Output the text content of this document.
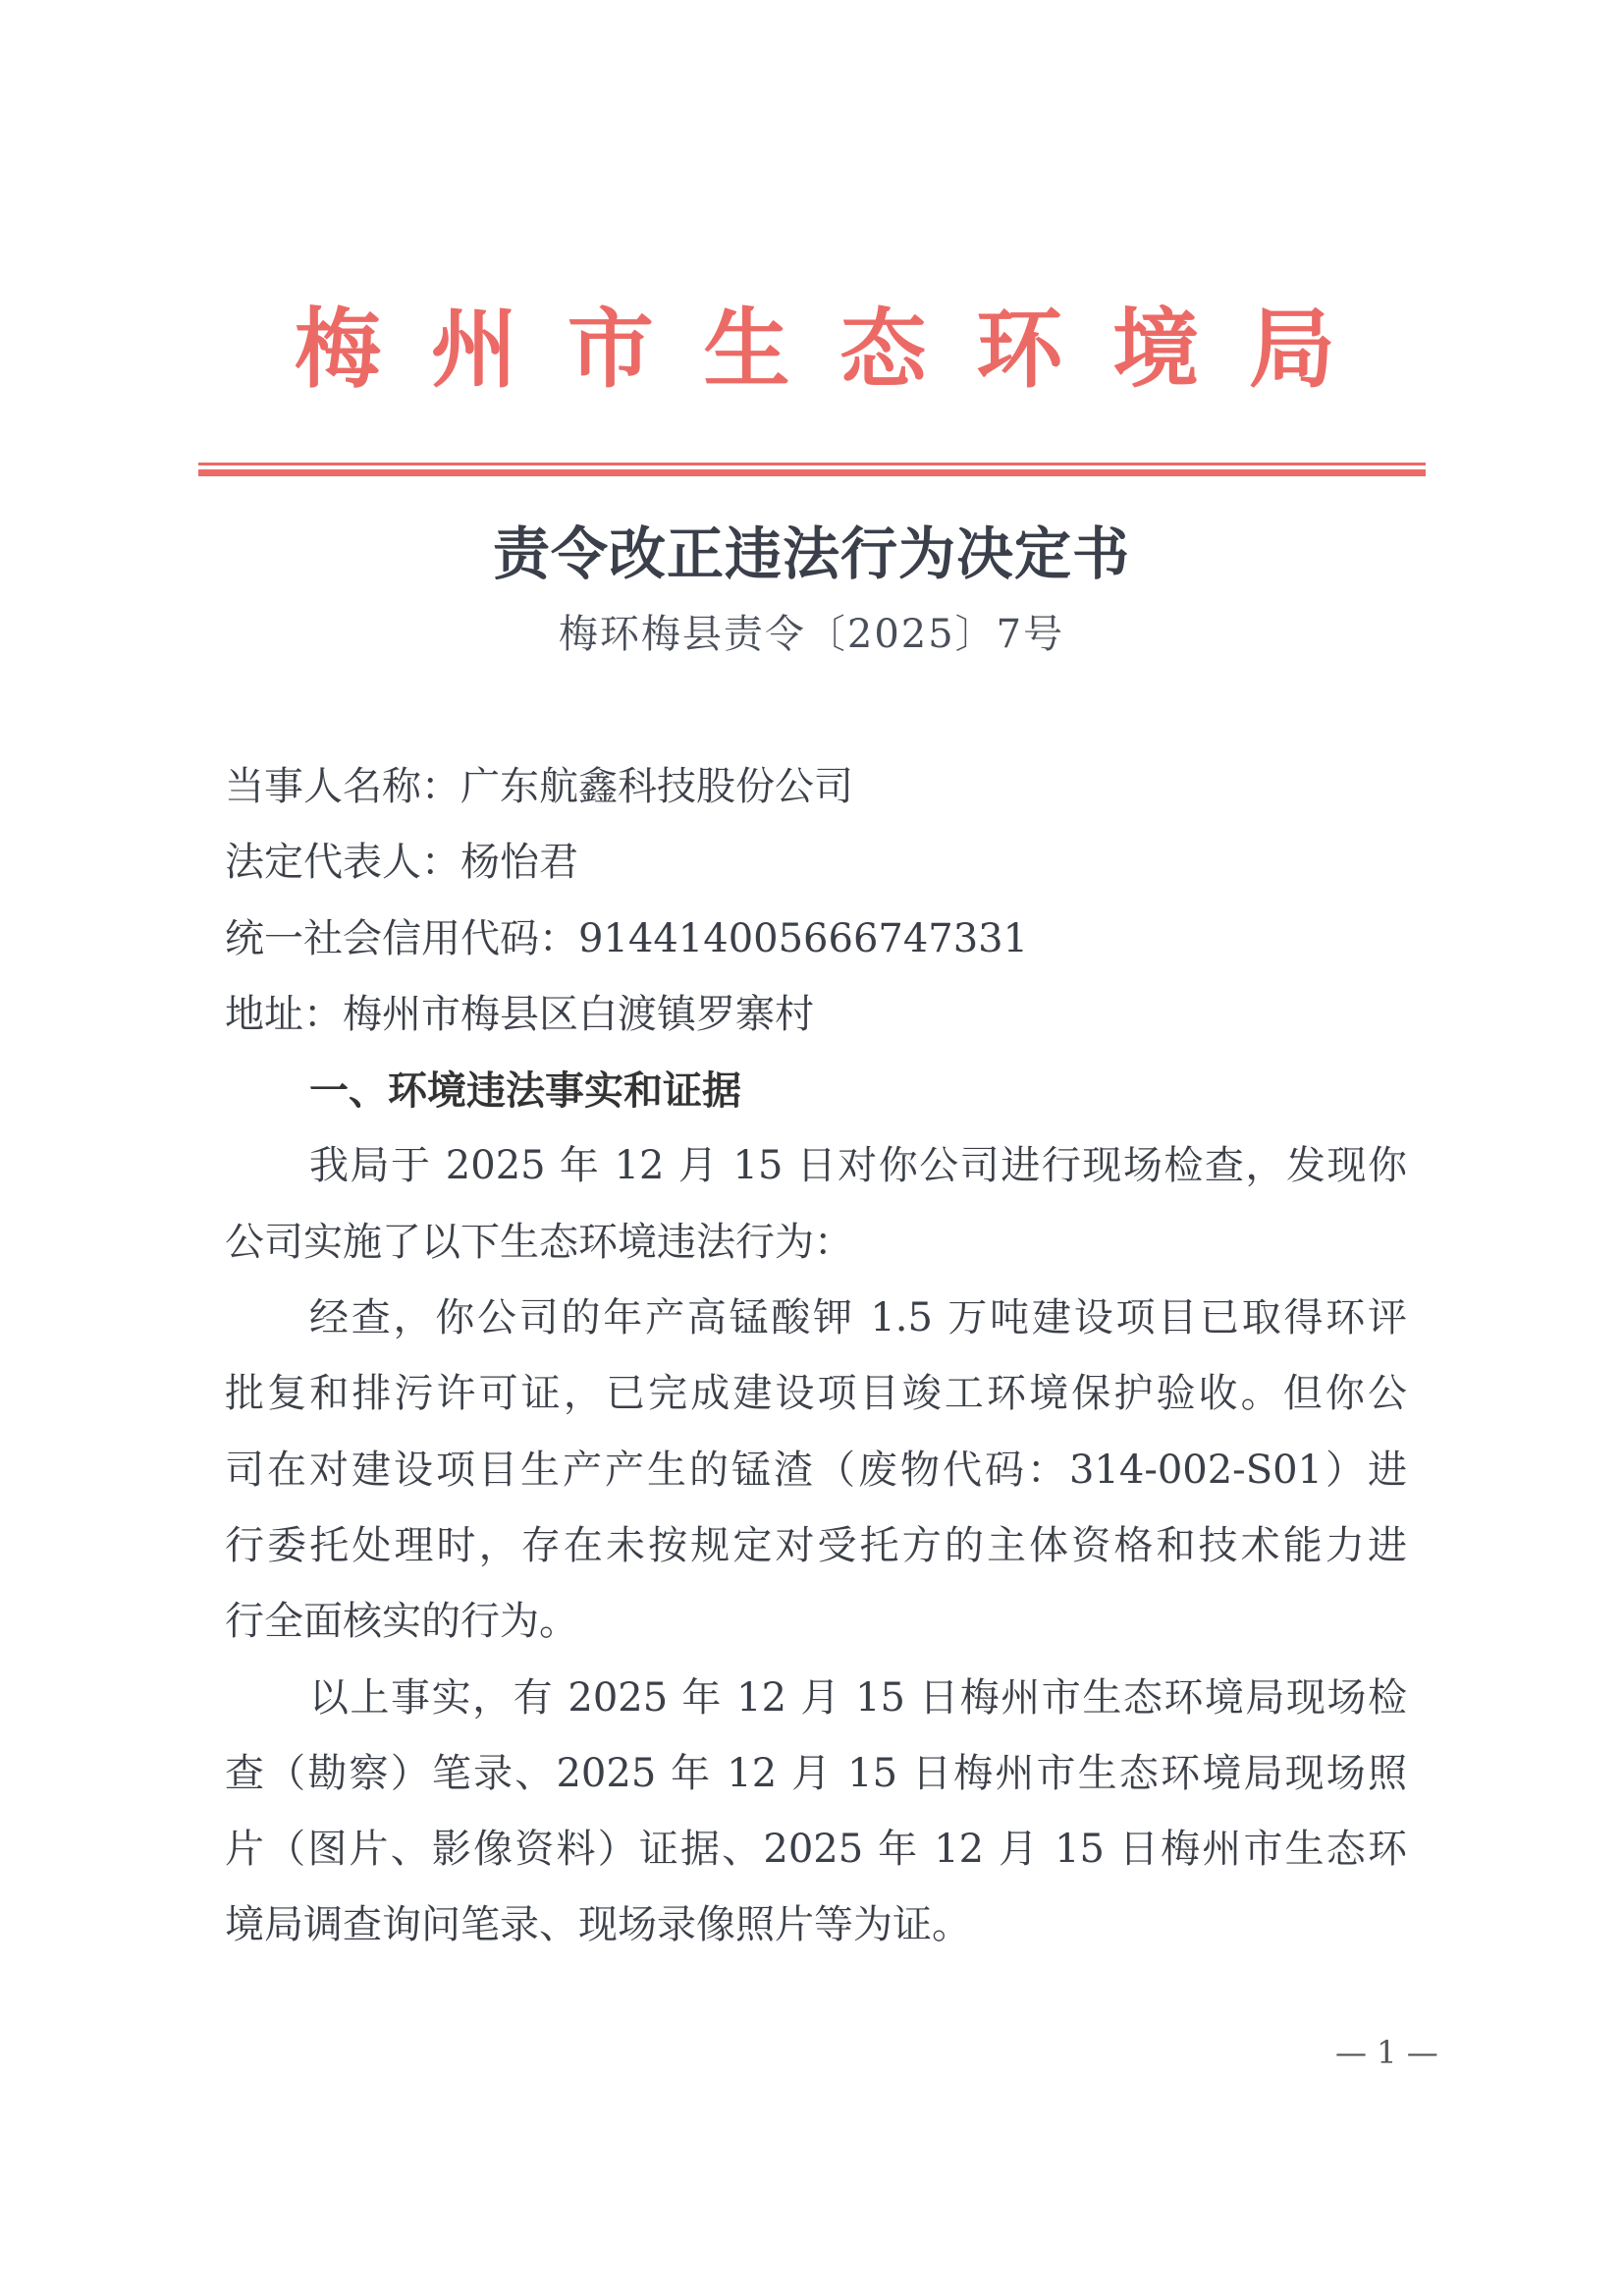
梅 州 市 生 态 环 境 局
责令改正违法行为决定书
梅环梅县责令〔2025〕7号
当事人名称：广东航鑫科技股份公司
法定代表人：杨怡君
统一社会信用代码：914414005666747331
地址：梅州市梅县区白渡镇罗寨村
一、环境违法事实和证据
我局于 2025 年 12 月 15 日对你公司进行现场检查，发现你
公司实施了以下生态环境违法行为：
经查，你公司的年产高锰酸钾 1.5 万吨建设项目已取得环评
批复和排污许可证，已完成建设项目竣工环境保护验收。但你公
司在对建设项目生产产生的锰渣（废物代码：314-002-S01）进
行委托处理时，存在未按规定对受托方的主体资格和技术能力进
行全面核实的行为。
以上事实，有 2025 年 12 月 15 日梅州市生态环境局现场检
查（勘察）笔录、2025 年 12 月 15 日梅州市生态环境局现场照
片（图片、影像资料）证据、2025 年 12 月 15 日梅州市生态环
境局调查询问笔录、现场录像照片等为证。
— 1 —
